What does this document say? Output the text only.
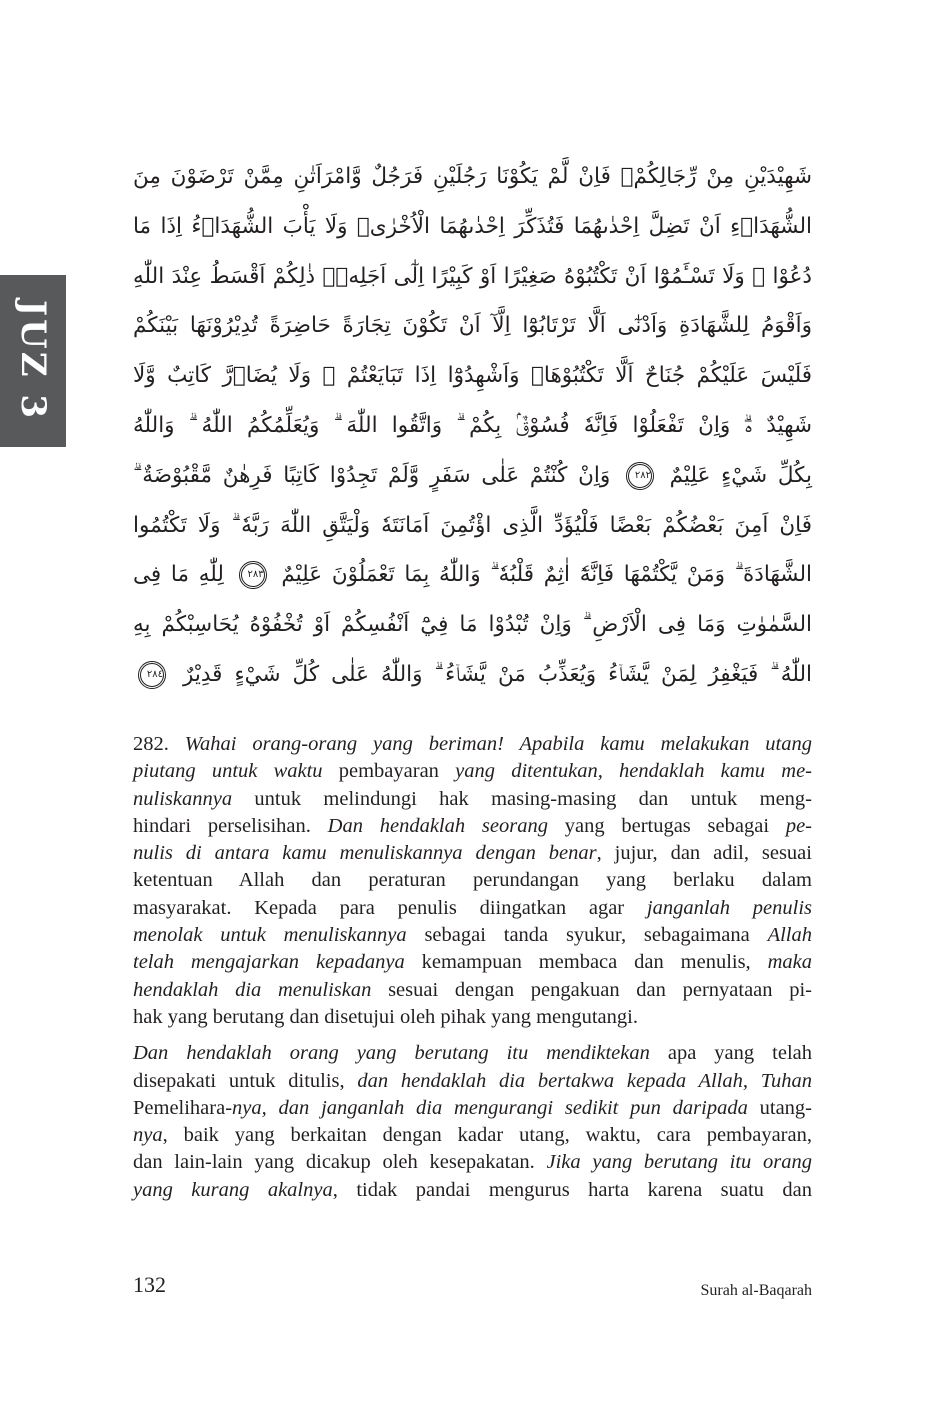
JUZ 3
شَهِيْدَيْنِ مِنْ رِّجَالِكُمْۚ فَاِنْ لَّمْ يَكُوْنَا رَجُلَيْنِ فَرَجُلٌ وَّامْرَاَتٰنِ مِمَّنْ تَرْضَوْنَ مِنَ
الشُّهَدَاۤءِ اَنْ تَضِلَّ اِحْدٰىهُمَا فَتُذَكِّرَ اِحْدٰىهُمَا الْاُخْرٰىۗ وَلَا يَأْبَ الشُّهَدَاۤءُ اِذَا مَا
دُعُوْا ۗ وَلَا تَسْـَٔمُوْٓا اَنْ تَكْتُبُوْهُ صَغِيْرًا اَوْ كَبِيْرًا اِلٰٓى اَجَلِهٖۗ ذٰلِكُمْ اَقْسَطُ عِنْدَ اللّٰهِ
وَاَقْوَمُ لِلشَّهَادَةِ وَاَدْنٰٓى اَلَّا تَرْتَابُوْٓا اِلَّآ اَنْ تَكُوْنَ تِجَارَةً حَاضِرَةً تُدِيْرُوْنَهَا بَيْنَكُمْ
فَلَيْسَ عَلَيْكُمْ جُنَاحٌ اَلَّا تَكْتُبُوْهَاۗ وَاَشْهِدُوْٓا اِذَا تَبَايَعْتُمْ ۖ وَلَا يُضَاۤرَّ كَاتِبٌ وَّلَا
شَهِيْدٌ ەۗ وَاِنْ تَفْعَلُوْا فَاِنَّهٗ فُسُوْقٌۢ بِكُمْ ۗ وَاتَّقُوا اللّٰهَ ۗ وَيُعَلِّمُكُمُ اللّٰهُ ۗ وَاللّٰهُ
بِكُلِّ شَيْءٍ عَلِيْمٌ ٢٨٢ وَاِنْ كُنْتُمْ عَلٰى سَفَرٍ وَّلَمْ تَجِدُوْا كَاتِبًا فَرِهٰنٌ مَّقْبُوْضَةٌ ۗ
فَاِنْ اَمِنَ بَعْضُكُمْ بَعْضًا فَلْيُؤَدِّ الَّذِى اؤْتُمِنَ اَمَانَتَهٗ وَلْيَتَّقِ اللّٰهَ رَبَّهٗ ۗ وَلَا تَكْتُمُوا
الشَّهَادَةَ ۗ وَمَنْ يَّكْتُمْهَا فَاِنَّهٗٓ اٰثِمٌ قَلْبُهٗ ۗ وَاللّٰهُ بِمَا تَعْمَلُوْنَ عَلِيْمٌ ٢٨٣ لِلّٰهِ مَا فِى
السَّمٰوٰتِ وَمَا فِى الْاَرْضِ ۗ وَاِنْ تُبْدُوْا مَا فِيْٓ اَنْفُسِكُمْ اَوْ تُخْفُوْهُ يُحَاسِبْكُمْ بِهِ
اللّٰهُ ۗ فَيَغْفِرُ لِمَنْ يَّشَاۤءُ وَيُعَذِّبُ مَنْ يَّشَاۤءُ ۗ وَاللّٰهُ عَلٰى كُلِّ شَيْءٍ قَدِيْرٌ ٢٨٤
282. Wahai orang-orang yang beriman! Apabila kamu melakukan utang
piutang untuk waktu pembayaran yang ditentukan, hendaklah kamu me-
nuliskannya untuk melindungi hak masing-masing dan untuk meng-
hindari perselisihan. Dan hendaklah seorang yang bertugas sebagai pe-
nulis di antara kamu menuliskannya dengan benar, jujur, dan adil, sesuai
ketentuan Allah dan peraturan perundangan yang berlaku dalam
masyarakat. Kepada para penulis diingatkan agar janganlah penulis
menolak untuk menuliskannya sebagai tanda syukur, sebagaimana Allah
telah mengajarkan kepadanya kemampuan membaca dan menulis, maka
hendaklah dia menuliskan sesuai dengan pengakuan dan pernyataan pi-
hak yang berutang dan disetujui oleh pihak yang mengutangi.
Dan hendaklah orang yang berutang itu mendiktekan apa yang telah
disepakati untuk ditulis, dan hendaklah dia bertakwa kepada Allah, Tuhan
Pemelihara-nya, dan janganlah dia mengurangi sedikit pun daripada utang-
nya, baik yang berkaitan dengan kadar utang, waktu, cara pembayaran,
dan lain-lain yang dicakup oleh kesepakatan. Jika yang berutang itu orang
yang kurang akalnya, tidak pandai mengurus harta karena suatu dan
132	Surah al-Baqarah
